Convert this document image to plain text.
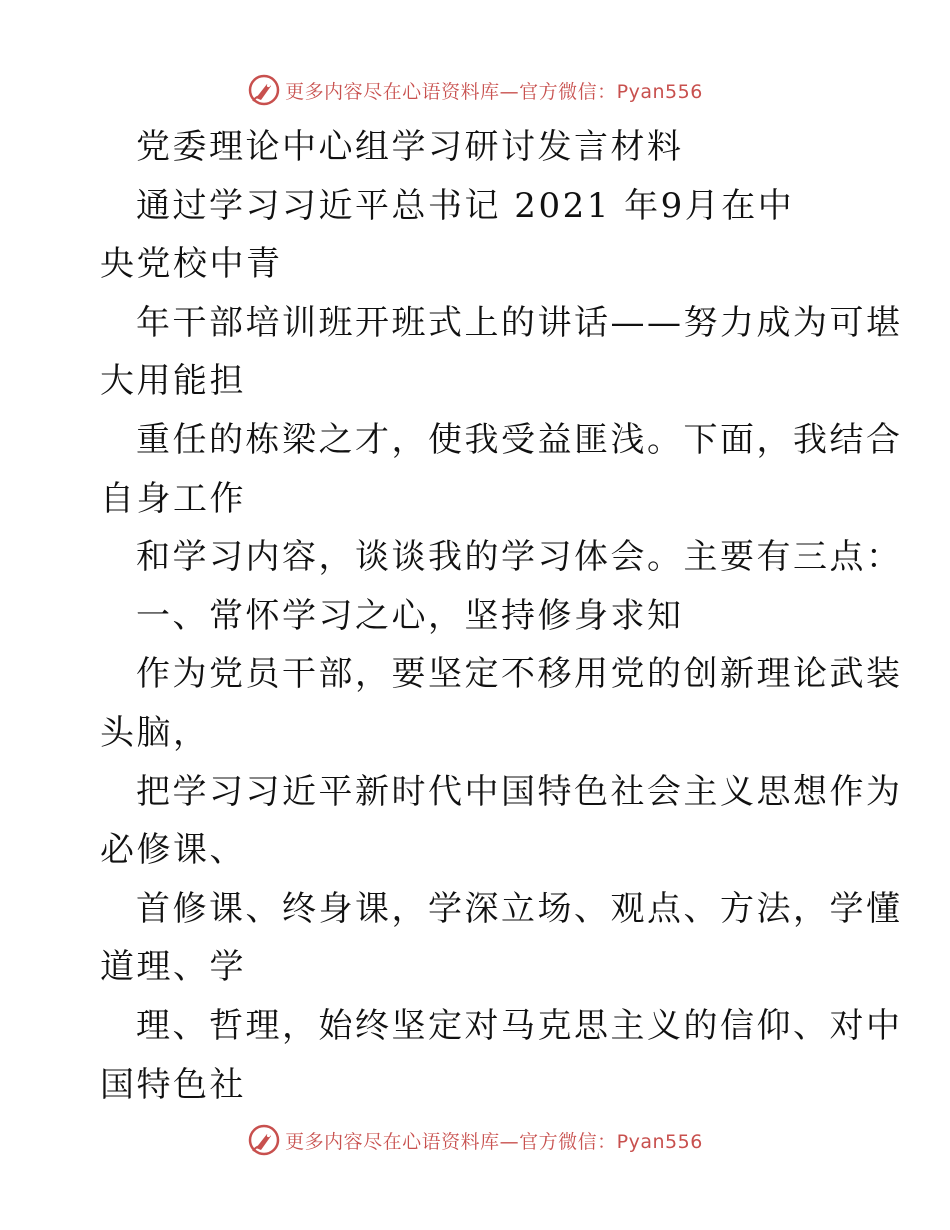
更多内容尽在心语资料库—官方微信：Pyan556
党委理论中心组学习研讨发言材料
通过学习习近平总书记 2021 年9月在中
央党校中青
年干部培训班开班式上的讲话——努力成为可堪
大用能担
重任的栋梁之才，使我受益匪浅。下面，我结合
自身工作
和学习内容，谈谈我的学习体会。主要有三点：
一、常怀学习之心，坚持修身求知
作为党员干部，要坚定不移用党的创新理论武装
头脑，
把学习习近平新时代中国特色社会主义思想作为
必修课、
首修课、终身课，学深立场、观点、方法，学懂
道理、学
理、哲理，始终坚定对马克思主义的信仰、对中
国特色社
更多内容尽在心语资料库—官方微信：Pyan556
